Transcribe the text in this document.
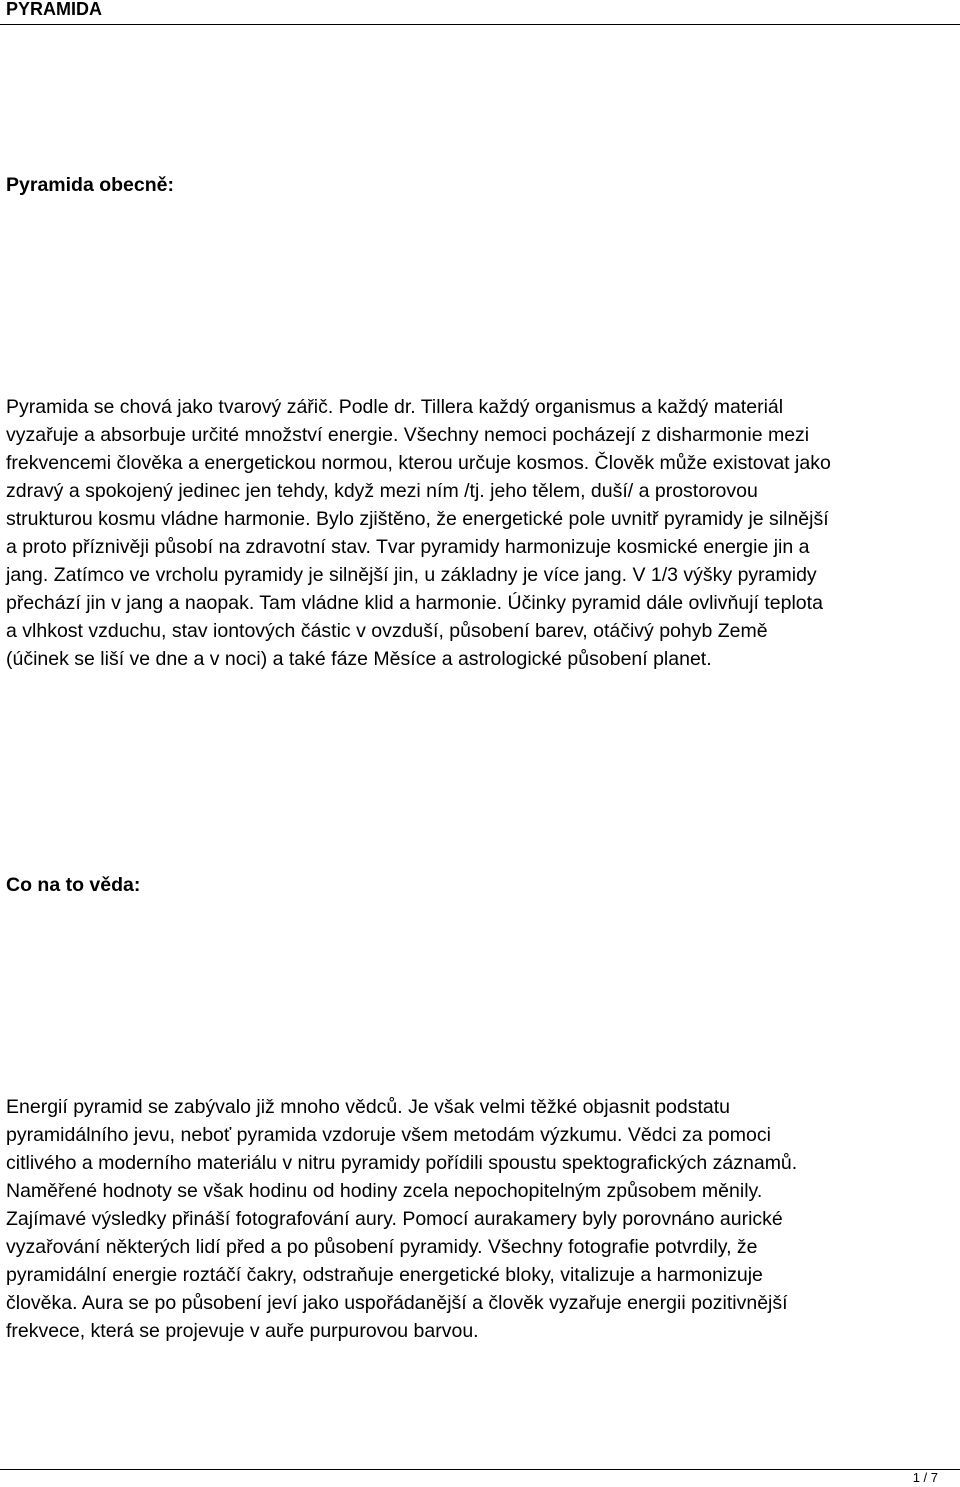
PYRAMIDA
Pyramida obecně:
Pyramida se chová jako tvarový zářič. Podle dr. Tillera každý organismus a každý materiál
vyzařuje a absorbuje určité množství energie. Všechny nemoci pocházejí z disharmonie mezi
frekvencemi člověka a energetickou normou, kterou určuje kosmos. Člověk může existovat jako
zdravý a spokojený jedinec jen tehdy, když mezi ním /tj. jeho tělem, duší/ a prostorovou
strukturou kosmu vládne harmonie. Bylo zjištěno, že energetické pole uvnitř pyramidy je silnější
a proto příznivěji působí na zdravotní stav. Tvar pyramidy harmonizuje kosmické energie jin a
jang. Zatímco ve vrcholu pyramidy je silnější jin, u základny je více jang. V 1/3 výšky pyramidy
přechází jin v jang a naopak. Tam vládne klid a harmonie. Účinky pyramid dále ovlivňují teplota
a vlhkost vzduchu, stav iontových částic v ovzduší, působení barev, otáčivý pohyb Země
(účinek se liší ve dne a v noci) a také fáze Měsíce a astrologické působení planet.
Co na to věda:
Energií pyramid se zabývalo již mnoho vědců. Je však velmi těžké objasnit podstatu
pyramidálního jevu, neboť pyramida vzdoruje všem metodám výzkumu. Vědci za pomoci
citlivého a moderního materiálu v nitru pyramidy pořídili spoustu spektografických záznamů.
Naměřené hodnoty se však hodinu od hodiny zcela nepochopitelným způsobem měnily.
Zajímavé výsledky přináší fotografování aury. Pomocí aurakamery byly porovnáno aurické
vyzařování některých lidí před a po působení pyramidy. Všechny fotografie potvrdily, že
pyramidální energie roztáčí čakry, odstraňuje energetické bloky, vitalizuje a harmonizuje
člověka. Aura se po působení jeví jako uspořádanější a člověk vyzařuje energii pozitivnější
frekvece, která se projevuje v auře purpurovou barvou.
1 / 7
